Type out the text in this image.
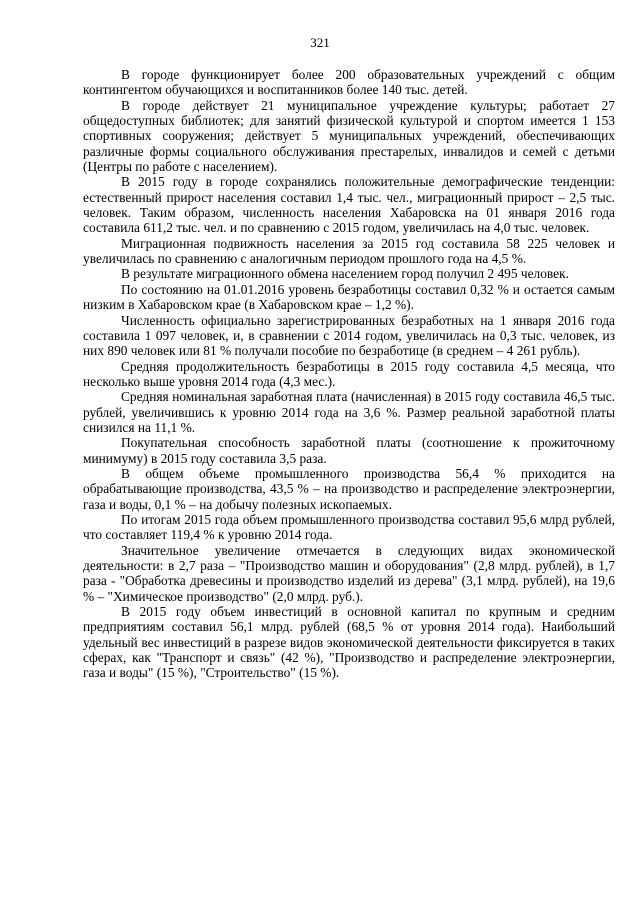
321

В городе функционирует более 200 образовательных учреждений с общим контингентом обучающихся и воспитанников более 140 тыс. детей.

В городе действует 21 муниципальное учреждение культуры; работает 27 общедоступных библиотек; для занятий физической культурой и спортом имеется 1 153 спортивных сооружения; действует 5 муниципальных учреждений, обеспечивающих различные формы социального обслуживания престарелых, инвалидов и семей с детьми (Центры по работе с населением).

В 2015 году в городе сохранялись положительные демографические тенденции: естественный прирост населения составил 1,4 тыс. чел., миграционный прирост – 2,5 тыс. человек. Таким образом, численность населения Хабаровска на 01 января 2016 года составила 611,2 тыс. чел. и по сравнению с 2015 годом, увеличилась на 4,0 тыс. человек.

Миграционная подвижность населения за 2015 год составила 58 225 человек и увеличилась по сравнению с аналогичным периодом прошлого года на 4,5 %.

В результате миграционного обмена населением город получил 2 495 человек.

По состоянию на 01.01.2016 уровень безработицы составил 0,32 % и остается самым низким в Хабаровском крае (в Хабаровском крае – 1,2 %).

Численность официально зарегистрированных безработных на 1 января 2016 года составила 1 097 человек, и, в сравнении с 2014 годом, увеличилась на 0,3 тыс. человек, из них 890 человек или 81 % получали пособие по безработице (в среднем – 4 261 рубль).

Средняя продолжительность безработицы в 2015 году составила 4,5 месяца, что несколько выше уровня 2014 года (4,3 мес.).

Средняя номинальная заработная плата (начисленная) в 2015 году составила 46,5 тыс. рублей, увеличившись к уровню 2014 года на 3,6 %. Размер реальной заработной платы снизился на 11,1 %.

Покупательная способность заработной платы (соотношение к прожиточному минимуму) в 2015 году составила 3,5 раза.

В общем объеме промышленного производства 56,4 % приходится на обрабатывающие производства, 43,5 % – на производство и распределение электроэнергии, газа и воды, 0,1 % – на добычу полезных ископаемых.

По итогам 2015 года объем промышленного производства составил 95,6 млрд рублей, что составляет 119,4 % к уровню 2014 года.

Значительное увеличение отмечается в следующих видах экономической деятельности: в 2,7 раза – "Производство машин и оборудования" (2,8 млрд. рублей), в 1,7 раза - "Обработка древесины и производство изделий из дерева" (3,1 млрд. рублей), на 19,6 % – "Химическое производство" (2,0 млрд. руб.).

В 2015 году объем инвестиций в основной капитал по крупным и средним предприятиям составил 56,1 млрд. рублей (68,5 % от уровня 2014 года). Наибольший удельный вес инвестиций в разрезе видов экономической деятельности фиксируется в таких сферах, как "Транспорт и связь" (42 %), "Производство и распределение электроэнергии, газа и воды" (15 %), "Строительство" (15 %).
